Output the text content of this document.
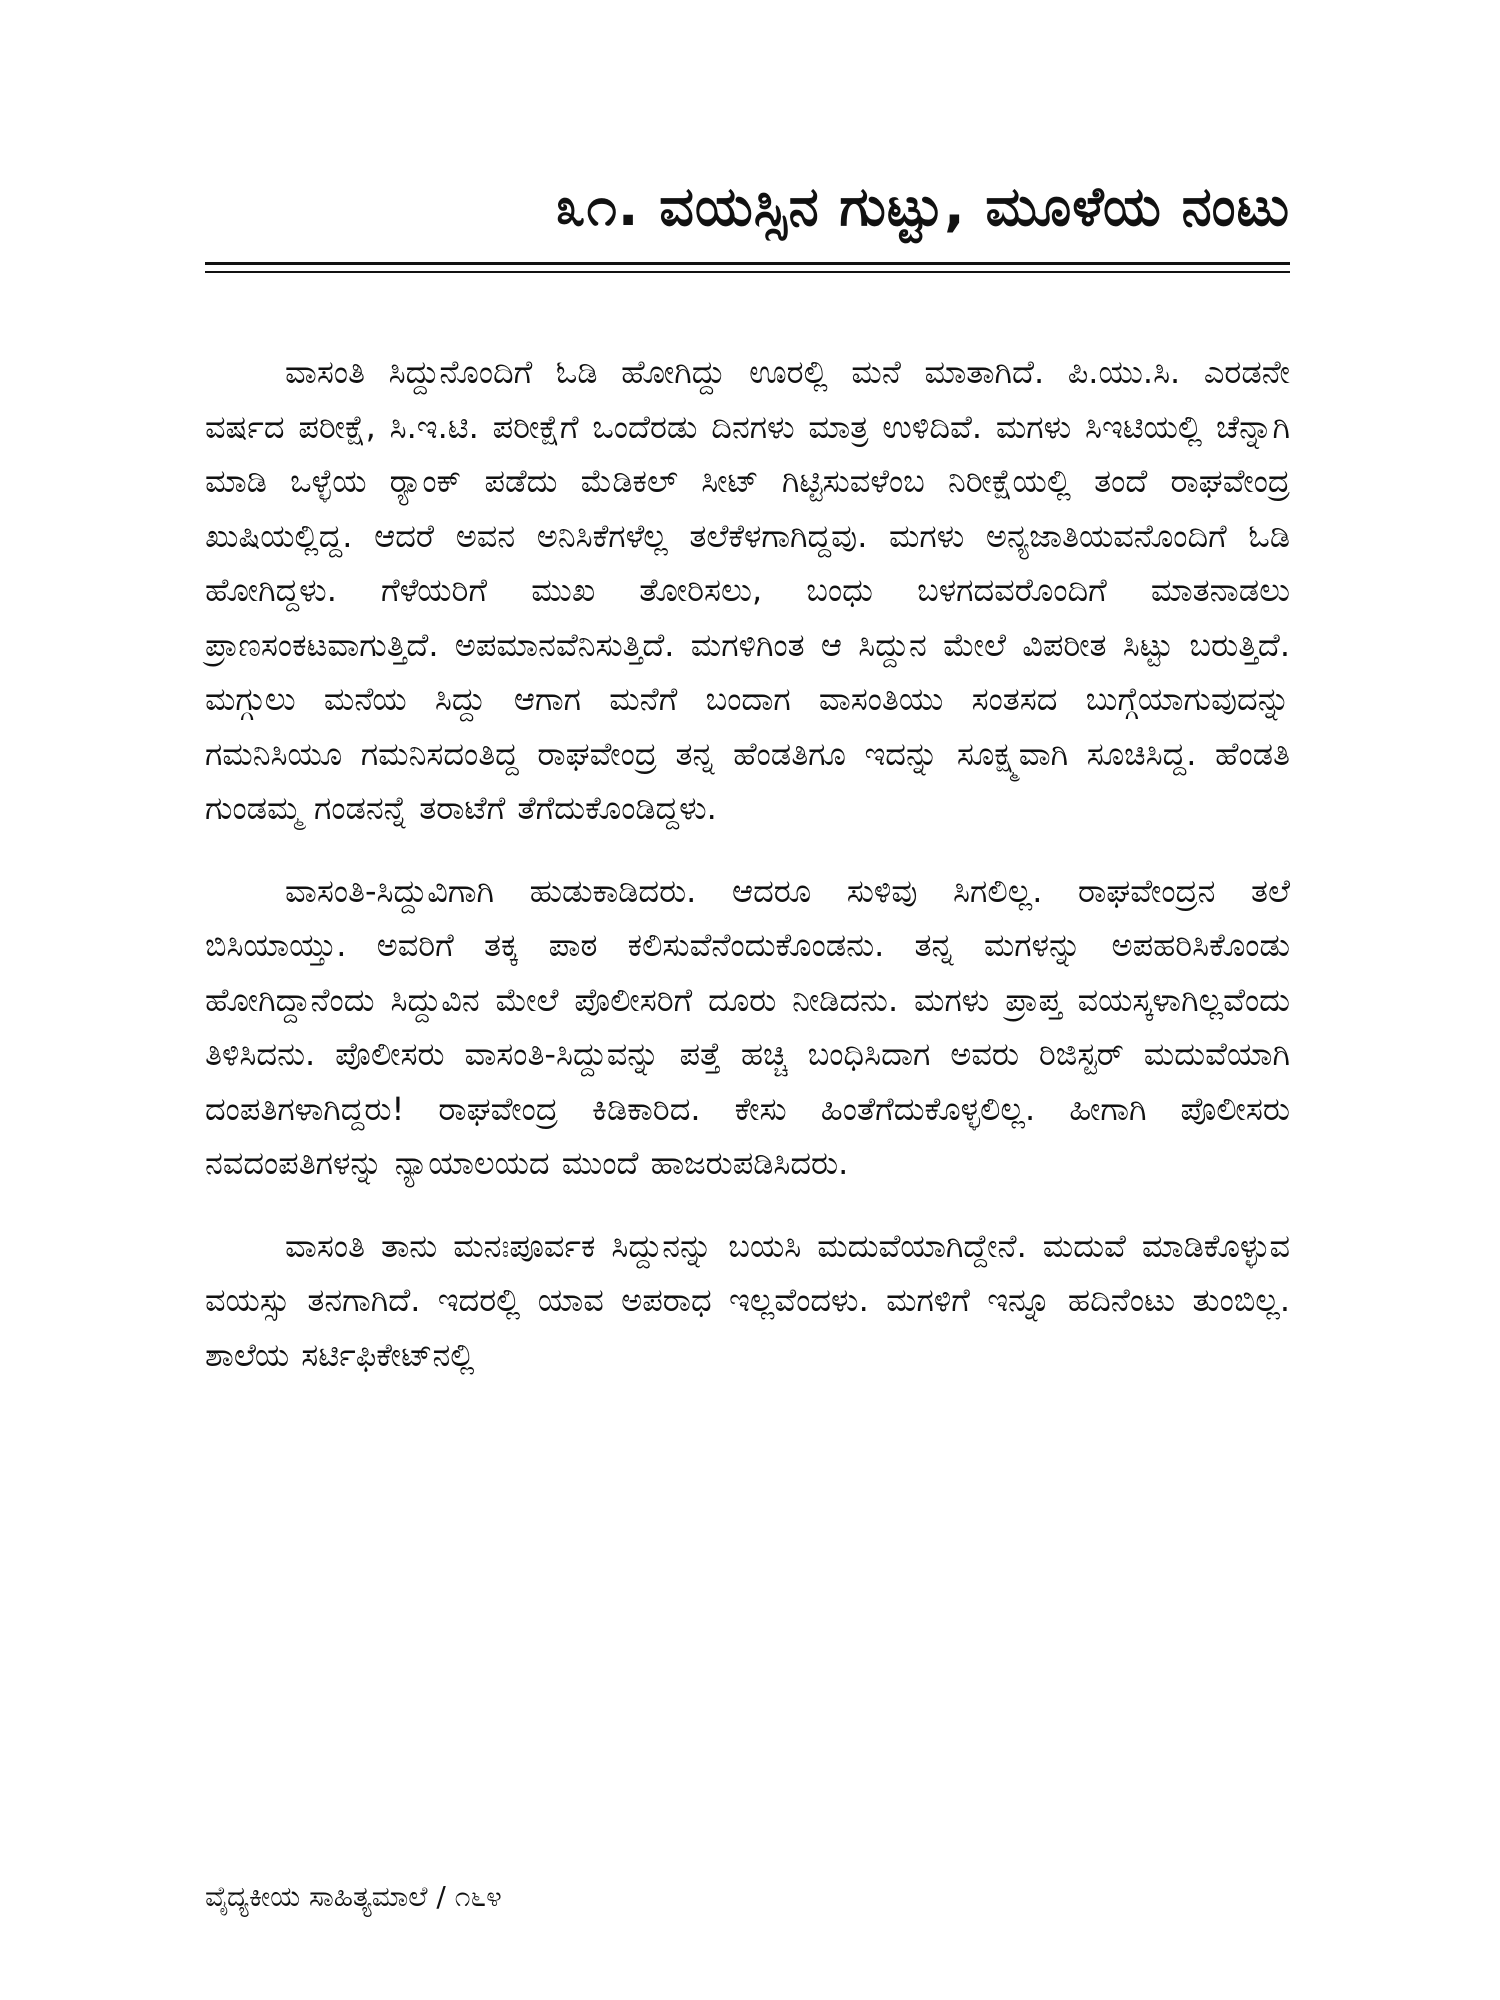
೩೧. ವಯಸ್ಸಿನ ಗುಟ್ಟು, ಮೂಳೆಯ ನಂಟು

ವಾಸಂತಿ ಸಿದ್ದುನೊಂದಿಗೆ ಓಡಿ ಹೋಗಿದ್ದು ಊರಲ್ಲಿ ಮನೆ ಮಾತಾಗಿದೆ. ಪಿ.ಯು.ಸಿ. ಎರಡನೇ ವರ್ಷದ ಪರೀಕ್ಷೆ, ಸಿ.ಇ.ಟಿ. ಪರೀಕ್ಷೆಗೆ ಒಂದೆರಡು ದಿನಗಳು ಮಾತ್ರ ಉಳಿದಿವೆ. ಮಗಳು ಸಿಇಟಿಯಲ್ಲಿ ಚೆನ್ನಾಗಿ ಮಾಡಿ ಒಳ್ಳೆಯ ರ್‍ಯಾಂಕ್ ಪಡೆದು ಮೆಡಿಕಲ್ ಸೀಟ್ ಗಿಟ್ಟಿಸುವಳೆಂಬ ನಿರೀಕ್ಷೆಯಲ್ಲಿ ತಂದೆ ರಾಘವೇಂದ್ರ ಖುಷಿಯಲ್ಲಿದ್ದ. ಆದರೆ ಅವನ ಅನಿಸಿಕೆಗಳೆಲ್ಲ ತಲೆಕೆಳಗಾಗಿದ್ದವು. ಮಗಳು ಅನ್ಯಜಾತಿಯವನೊಂದಿಗೆ ಓಡಿ ಹೋಗಿದ್ದಳು. ಗೆಳೆಯರಿಗೆ ಮುಖ ತೋರಿಸಲು, ಬಂಧು ಬಳಗದವರೊಂದಿಗೆ ಮಾತನಾಡಲು ಪ್ರಾಣಸಂಕಟವಾಗುತ್ತಿದೆ. ಅಪಮಾನವೆನಿಸುತ್ತಿದೆ. ಮಗಳಿಗಿಂತ ಆ ಸಿದ್ದುನ ಮೇಲೆ ವಿಪರೀತ ಸಿಟ್ಟು ಬರುತ್ತಿದೆ. ಮಗ್ಗುಲು ಮನೆಯ ಸಿದ್ದು ಆಗಾಗ ಮನೆಗೆ ಬಂದಾಗ ವಾಸಂತಿಯು ಸಂತಸದ ಬುಗ್ಗೆಯಾಗುವುದನ್ನು ಗಮನಿಸಿಯೂ ಗಮನಿಸದಂತಿದ್ದ ರಾಘವೇಂದ್ರ ತನ್ನ ಹೆಂಡತಿಗೂ ಇದನ್ನು ಸೂಕ್ಷ್ಮವಾಗಿ ಸೂಚಿಸಿದ್ದ. ಹೆಂಡತಿ ಗುಂಡಮ್ಮ ಗಂಡನನ್ನೆ ತರಾಟೆಗೆ ತೆಗೆದುಕೊಂಡಿದ್ದಳು.

ವಾಸಂತಿ-ಸಿದ್ದುವಿಗಾಗಿ ಹುಡುಕಾಡಿದರು. ಆದರೂ ಸುಳಿವು ಸಿಗಲಿಲ್ಲ. ರಾಘವೇಂದ್ರನ ತಲೆ ಬಿಸಿಯಾಯ್ತು. ಅವರಿಗೆ ತಕ್ಕ ಪಾಠ ಕಲಿಸುವೆನೆಂದುಕೊಂಡನು. ತನ್ನ ಮಗಳನ್ನು ಅಪಹರಿಸಿಕೊಂಡು ಹೋಗಿದ್ದಾನೆಂದು ಸಿದ್ದುವಿನ ಮೇಲೆ ಪೊಲೀಸರಿಗೆ ದೂರು ನೀಡಿದನು. ಮಗಳು ಪ್ರಾಪ್ತ ವಯಸ್ಕಳಾಗಿಲ್ಲವೆಂದು ತಿಳಿಸಿದನು. ಪೊಲೀಸರು ವಾಸಂತಿ-ಸಿದ್ದುವನ್ನು ಪತ್ತೆ ಹಚ್ಚಿ ಬಂಧಿಸಿದಾಗ ಅವರು ರಿಜಿಸ್ಟರ್ ಮದುವೆಯಾಗಿ ದಂಪತಿಗಳಾಗಿದ್ದರು! ರಾಘವೇಂದ್ರ ಕಿಡಿಕಾರಿದ. ಕೇಸು ಹಿಂತೆಗೆದುಕೊಳ್ಳಲಿಲ್ಲ. ಹೀಗಾಗಿ ಪೊಲೀಸರು ನವದಂಪತಿಗಳನ್ನು ನ್ಯಾಯಾಲಯದ ಮುಂದೆ ಹಾಜರುಪಡಿಸಿದರು.

ವಾಸಂತಿ ತಾನು ಮನಃಪೂರ್ವಕ ಸಿದ್ದುನನ್ನು ಬಯಸಿ ಮದುವೆಯಾಗಿದ್ದೇನೆ. ಮದುವೆ ಮಾಡಿಕೊಳ್ಳುವ ವಯಸ್ಸು ತನಗಾಗಿದೆ. ಇದರಲ್ಲಿ ಯಾವ ಅಪರಾಧ ಇಲ್ಲವೆಂದಳು. ಮಗಳಿಗೆ ಇನ್ನೂ ಹದಿನೆಂಟು ತುಂಬಿಲ್ಲ. ಶಾಲೆಯ ಸರ್ಟಿಫಿಕೇಟ್‌ನಲ್ಲಿ

ವೈದ್ಯಕೀಯ ಸಾಹಿತ್ಯಮಾಲೆ / ೧೬೪
